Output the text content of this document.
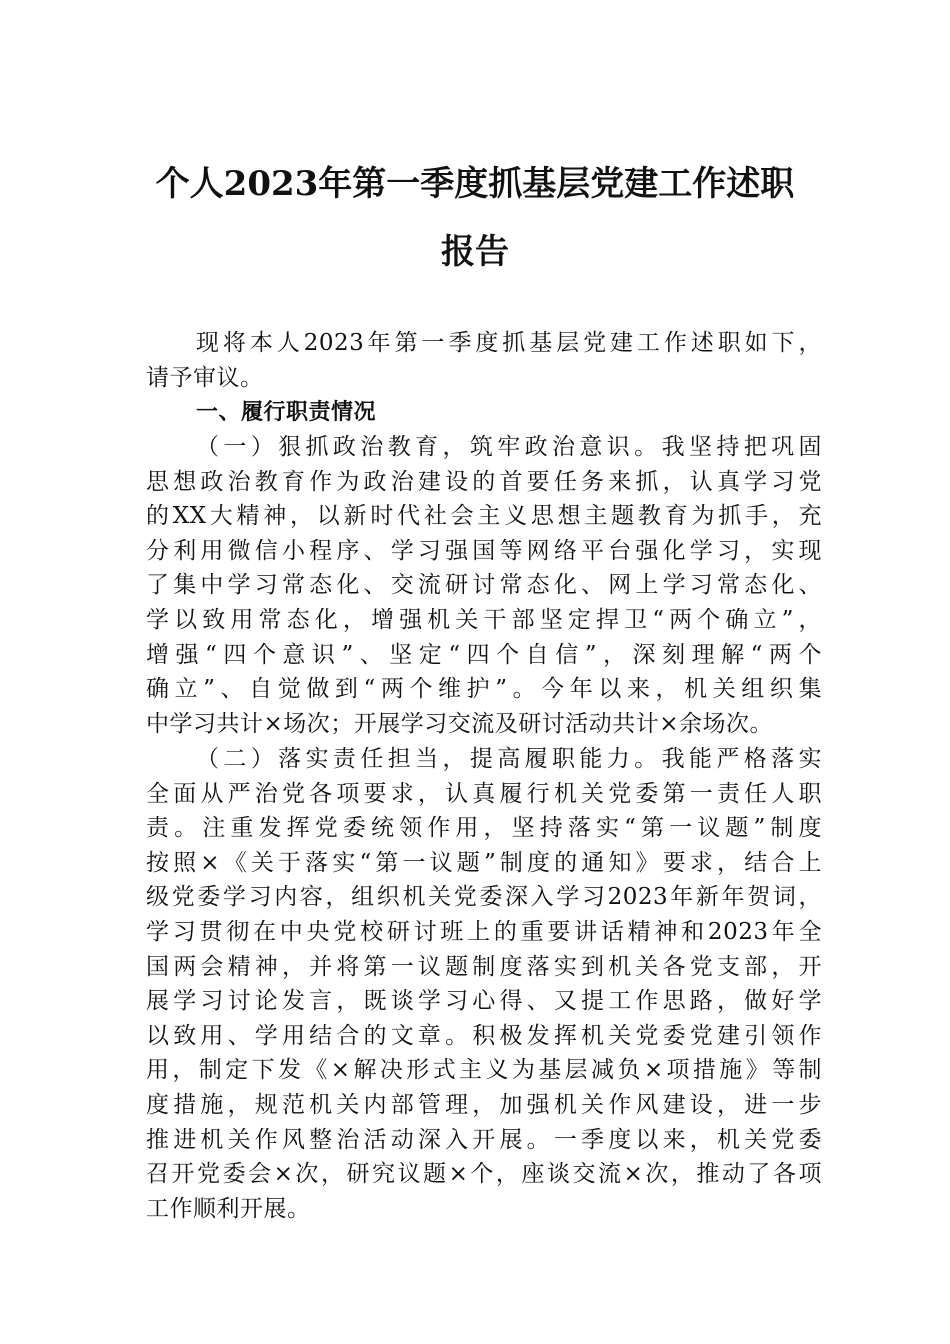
个人2023年第一季度抓基层党建工作述职
报告
现将本人2023年第一季度抓基层党建工作述职如下，
请予审议。
一、履行职责情况
（一）狠抓政治教育，筑牢政治意识。我坚持把巩固
思想政治教育作为政治建设的首要任务来抓，认真学习党
的XX大精神，以新时代社会主义思想主题教育为抓手，充
分利用微信小程序、学习强国等网络平台强化学习，实现
了集中学习常态化、交流研讨常态化、网上学习常态化、
学以致用常态化，增强机关干部坚定捍卫“两个确立”，
增强“四个意识”、坚定“四个自信”，深刻理解“两个
确立”、自觉做到“两个维护”。今年以来，机关组织集
中学习共计×场次；开展学习交流及研讨活动共计×余场次。
（二）落实责任担当，提高履职能力。我能严格落实
全面从严治党各项要求，认真履行机关党委第一责任人职
责。注重发挥党委统领作用，坚持落实“第一议题”制度
按照×《关于落实“第一议题”制度的通知》要求，结合上
级党委学习内容，组织机关党委深入学习2023年新年贺词，
学习贯彻在中央党校研讨班上的重要讲话精神和2023年全
国两会精神，并将第一议题制度落实到机关各党支部，开
展学习讨论发言，既谈学习心得、又提工作思路，做好学
以致用、学用结合的文章。积极发挥机关党委党建引领作
用，制定下发《×解决形式主义为基层减负×项措施》等制
度措施，规范机关内部管理，加强机关作风建设，进一步
推进机关作风整治活动深入开展。一季度以来，机关党委
召开党委会×次，研究议题×个，座谈交流×次，推动了各项
工作顺利开展。
